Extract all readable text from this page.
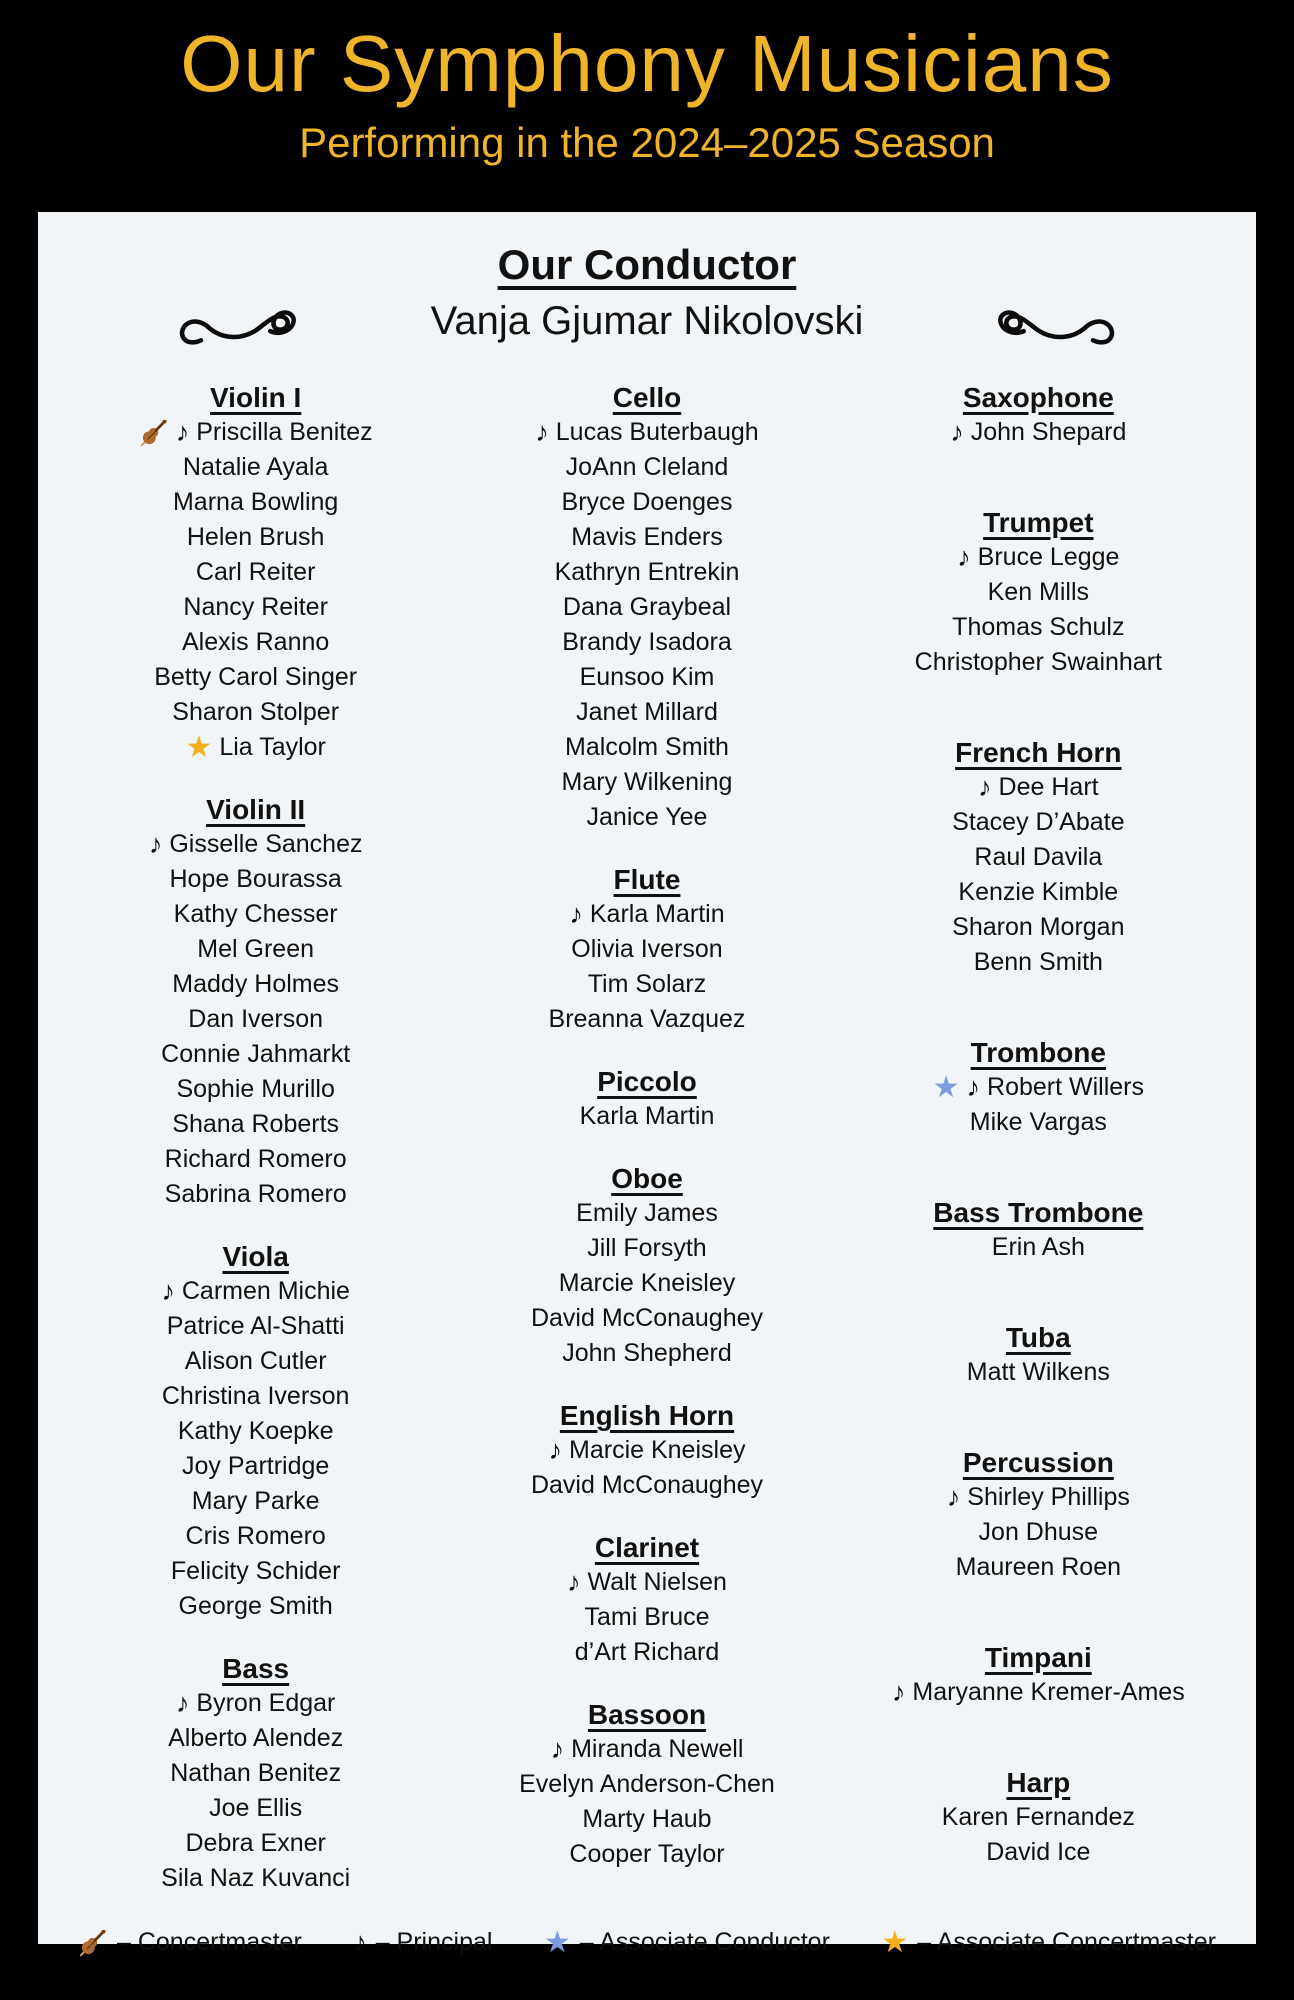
Our Symphony Musicians
Performing in the 2024–2025 Season
Our Conductor
Vanja Gjumar Nikolovski
Violin I
♪ Priscilla Benitez
Natalie Ayala
Marna Bowling
Helen Brush
Carl Reiter
Nancy Reiter
Alexis Ranno
Betty Carol Singer
Sharon Stolper
★ Lia Taylor
Violin II
♪ Gisselle Sanchez
Hope Bourassa
Kathy Chesser
Mel Green
Maddy Holmes
Dan Iverson
Connie Jahmarkt
Sophie Murillo
Shana Roberts
Richard Romero
Sabrina Romero
Viola
♪ Carmen Michie
Patrice Al-Shatti
Alison Cutler
Christina Iverson
Kathy Koepke
Joy Partridge
Mary Parke
Cris Romero
Felicity Schider
George Smith
Bass
♪ Byron Edgar
Alberto Alendez
Nathan Benitez
Joe Ellis
Debra Exner
Sila Naz Kuvanci
Cello
♪ Lucas Buterbaugh
JoAnn Cleland
Bryce Doenges
Mavis Enders
Kathryn Entrekin
Dana Graybeal
Brandy Isadora
Eunsoo Kim
Janet Millard
Malcolm Smith
Mary Wilkening
Janice Yee
Flute
♪ Karla Martin
Olivia Iverson
Tim Solarz
Breanna Vazquez
Piccolo
Karla Martin
Oboe
Emily James
Jill Forsyth
Marcie Kneisley
David McConaughey
John Shepherd
English Horn
♪ Marcie Kneisley
David McConaughey
Clarinet
♪ Walt Nielsen
Tami Bruce
d’Art Richard
Bassoon
♪ Miranda Newell
Evelyn Anderson-Chen
Marty Haub
Cooper Taylor
Saxophone
♪ John Shepard
Trumpet
♪ Bruce Legge
Ken Mills
Thomas Schulz
Christopher Swainhart
French Horn
♪ Dee Hart
Stacey D’Abate
Raul Davila
Kenzie Kimble
Sharon Morgan
Benn Smith
Trombone
★ ♪ Robert Willers
Mike Vargas
Bass Trombone
Erin Ash
Tuba
Matt Wilkens
Percussion
♪ Shirley Phillips
Jon Dhuse
Maureen Roen
Timpani
♪ Maryanne Kremer-Ames
Harp
Karen Fernandez
David Ice
– Concertmaster ♪ – Principal ★ – Associate Conductor ★ – Associate Concertmaster
